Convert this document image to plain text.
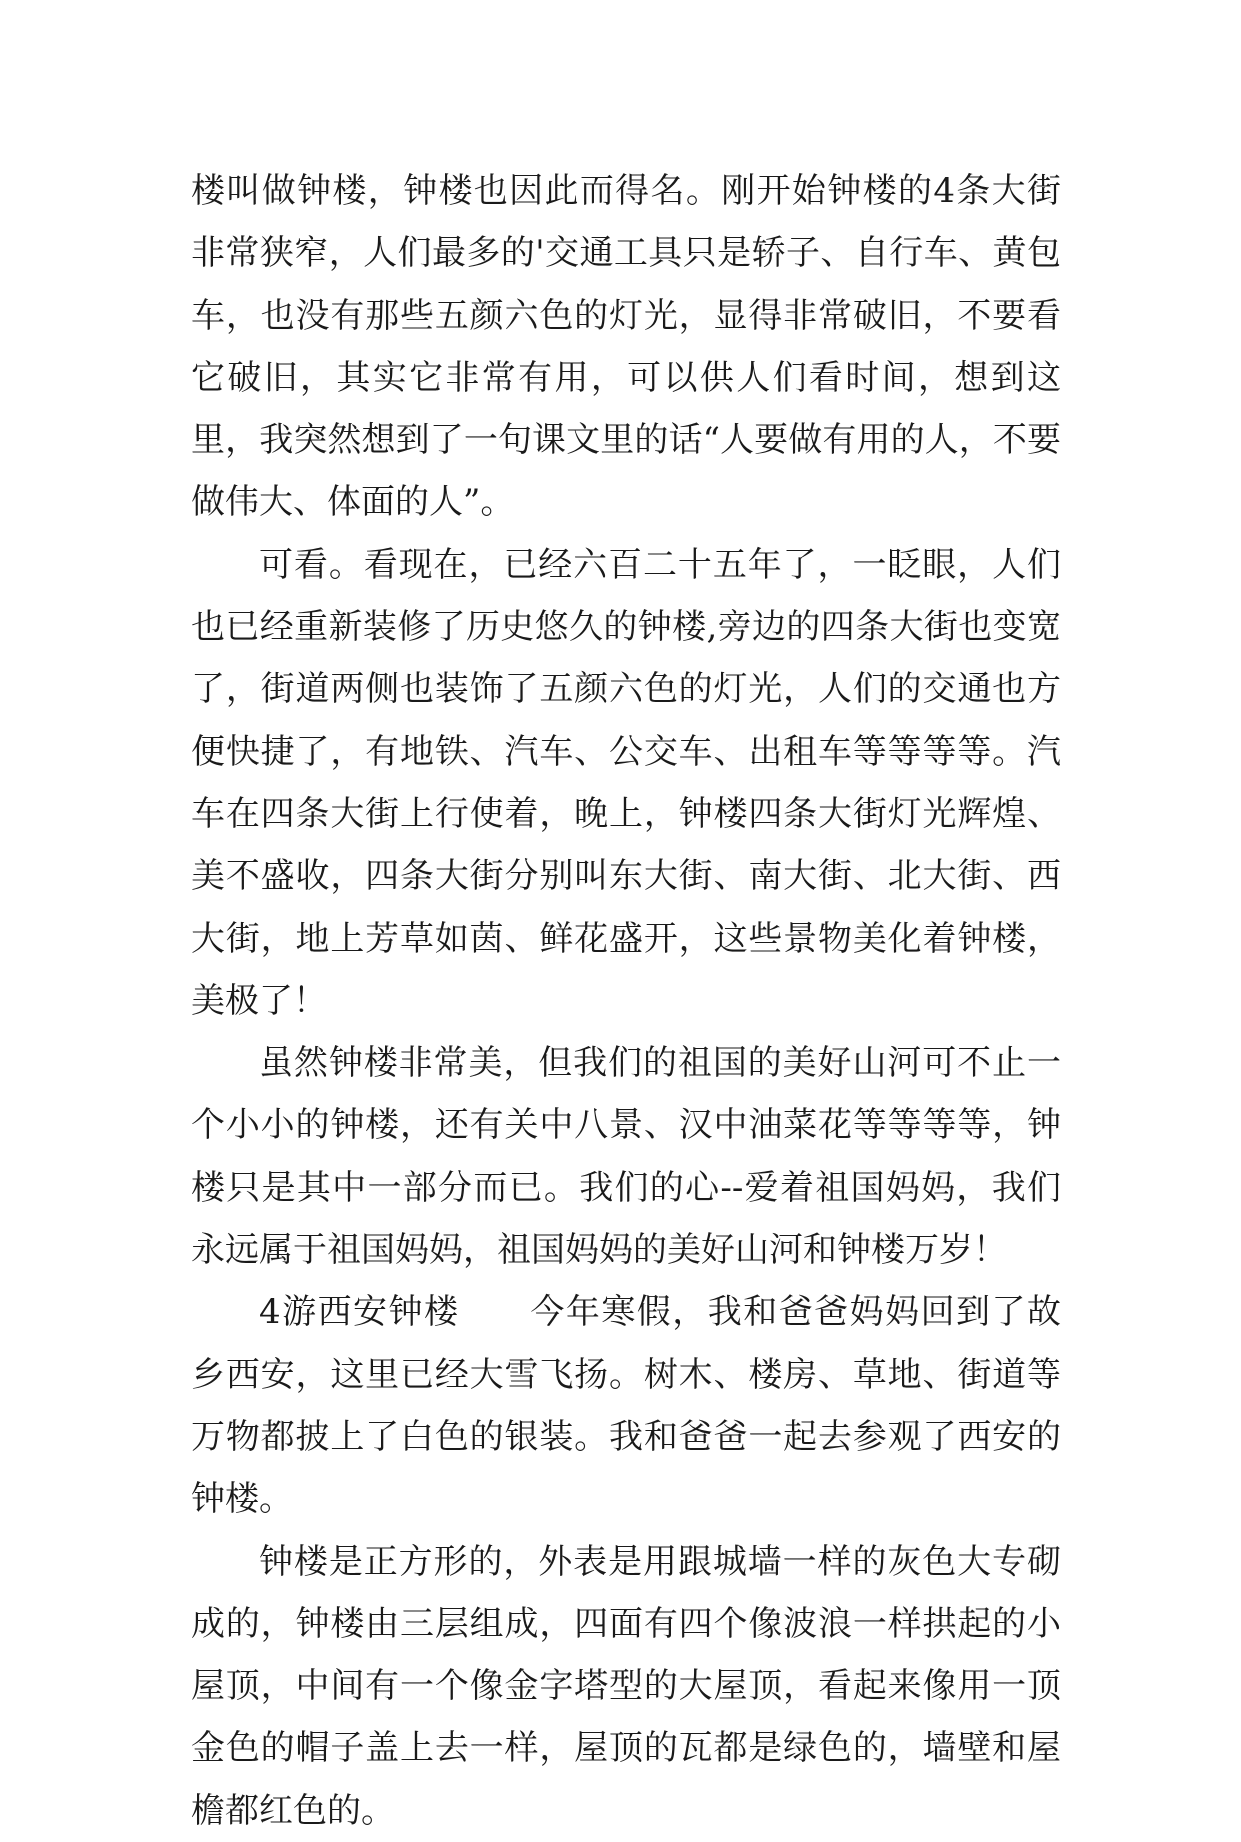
楼叫做钟楼，钟楼也因此而得名。刚开始钟楼的4条大街非常狭窄，人们最多的'交通工具只是轿子、自行车、黄包车，也没有那些五颜六色的灯光，显得非常破旧，不要看它破旧，其实它非常有用，可以供人们看时间，想到这里，我突然想到了一句课文里的话“人要做有用的人，不要做伟大、体面的人”。

可看。看现在，已经六百二十五年了，一眨眼，人们也已经重新装修了历史悠久的钟楼,旁边的四条大街也变宽了，街道两侧也装饰了五颜六色的灯光，人们的交通也方便快捷了，有地铁、汽车、公交车、出租车等等等等。汽车在四条大街上行使着，晚上，钟楼四条大街灯光辉煌、美不盛收，四条大街分别叫东大街、南大街、北大街、西大街，地上芳草如茵、鲜花盛开，这些景物美化着钟楼，美极了！

虽然钟楼非常美，但我们的祖国的美好山河可不止一个小小的钟楼，还有关中八景、汉中油菜花等等等等，钟楼只是其中一部分而已。我们的心--爱着祖国妈妈，我们永远属于祖国妈妈，祖国妈妈的美好山河和钟楼万岁！

4游西安钟楼　　今年寒假，我和爸爸妈妈回到了故乡西安，这里已经大雪飞扬。树木、楼房、草地、街道等万物都披上了白色的银装。我和爸爸一起去参观了西安的钟楼。

钟楼是正方形的，外表是用跟城墙一样的灰色大专砌成的，钟楼由三层组成，四面有四个像波浪一样拱起的小屋顶，中间有一个像金字塔型的大屋顶，看起来像用一顶金色的帽子盖上去一样，屋顶的瓦都是绿色的，墙壁和屋檐都红色的。
